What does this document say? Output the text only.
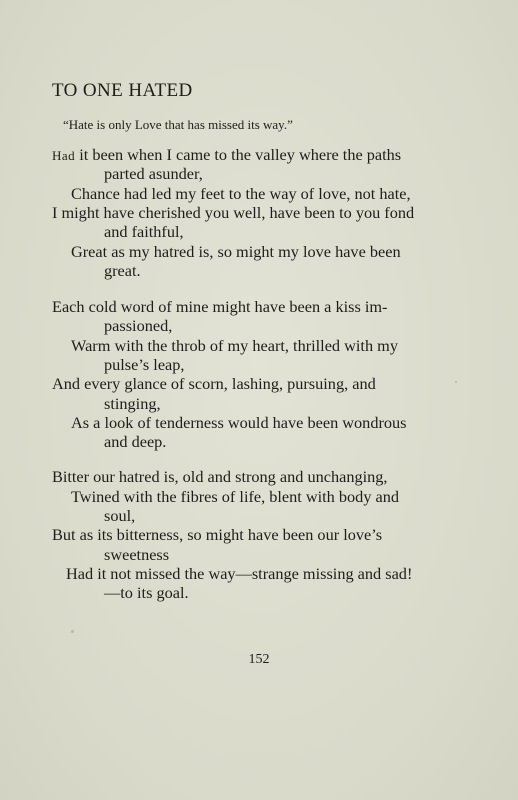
TO ONE HATED

“Hate is only Love that has missed its way.”

Had it been when I came to the valley where the paths

parted asunder,

Chance had led my feet to the way of love, not hate,

I might have cherished you well, have been to you fond

and faithful,

Great as my hatred is, so might my love have been

great.

Each cold word of mine might have been a kiss im-

passioned,

Warm with the throb of my heart, thrilled with my

pulse’s leap,

And every glance of scorn, lashing, pursuing, and

stinging,

As a look of tenderness would have been wondrous

and deep.

Bitter our hatred is, old and strong and unchanging,

Twined with the fibres of life, blent with body and

soul,

But as its bitterness, so might have been our love’s

sweetness

Had it not missed the way—strange missing and sad!

—to its goal.

152
